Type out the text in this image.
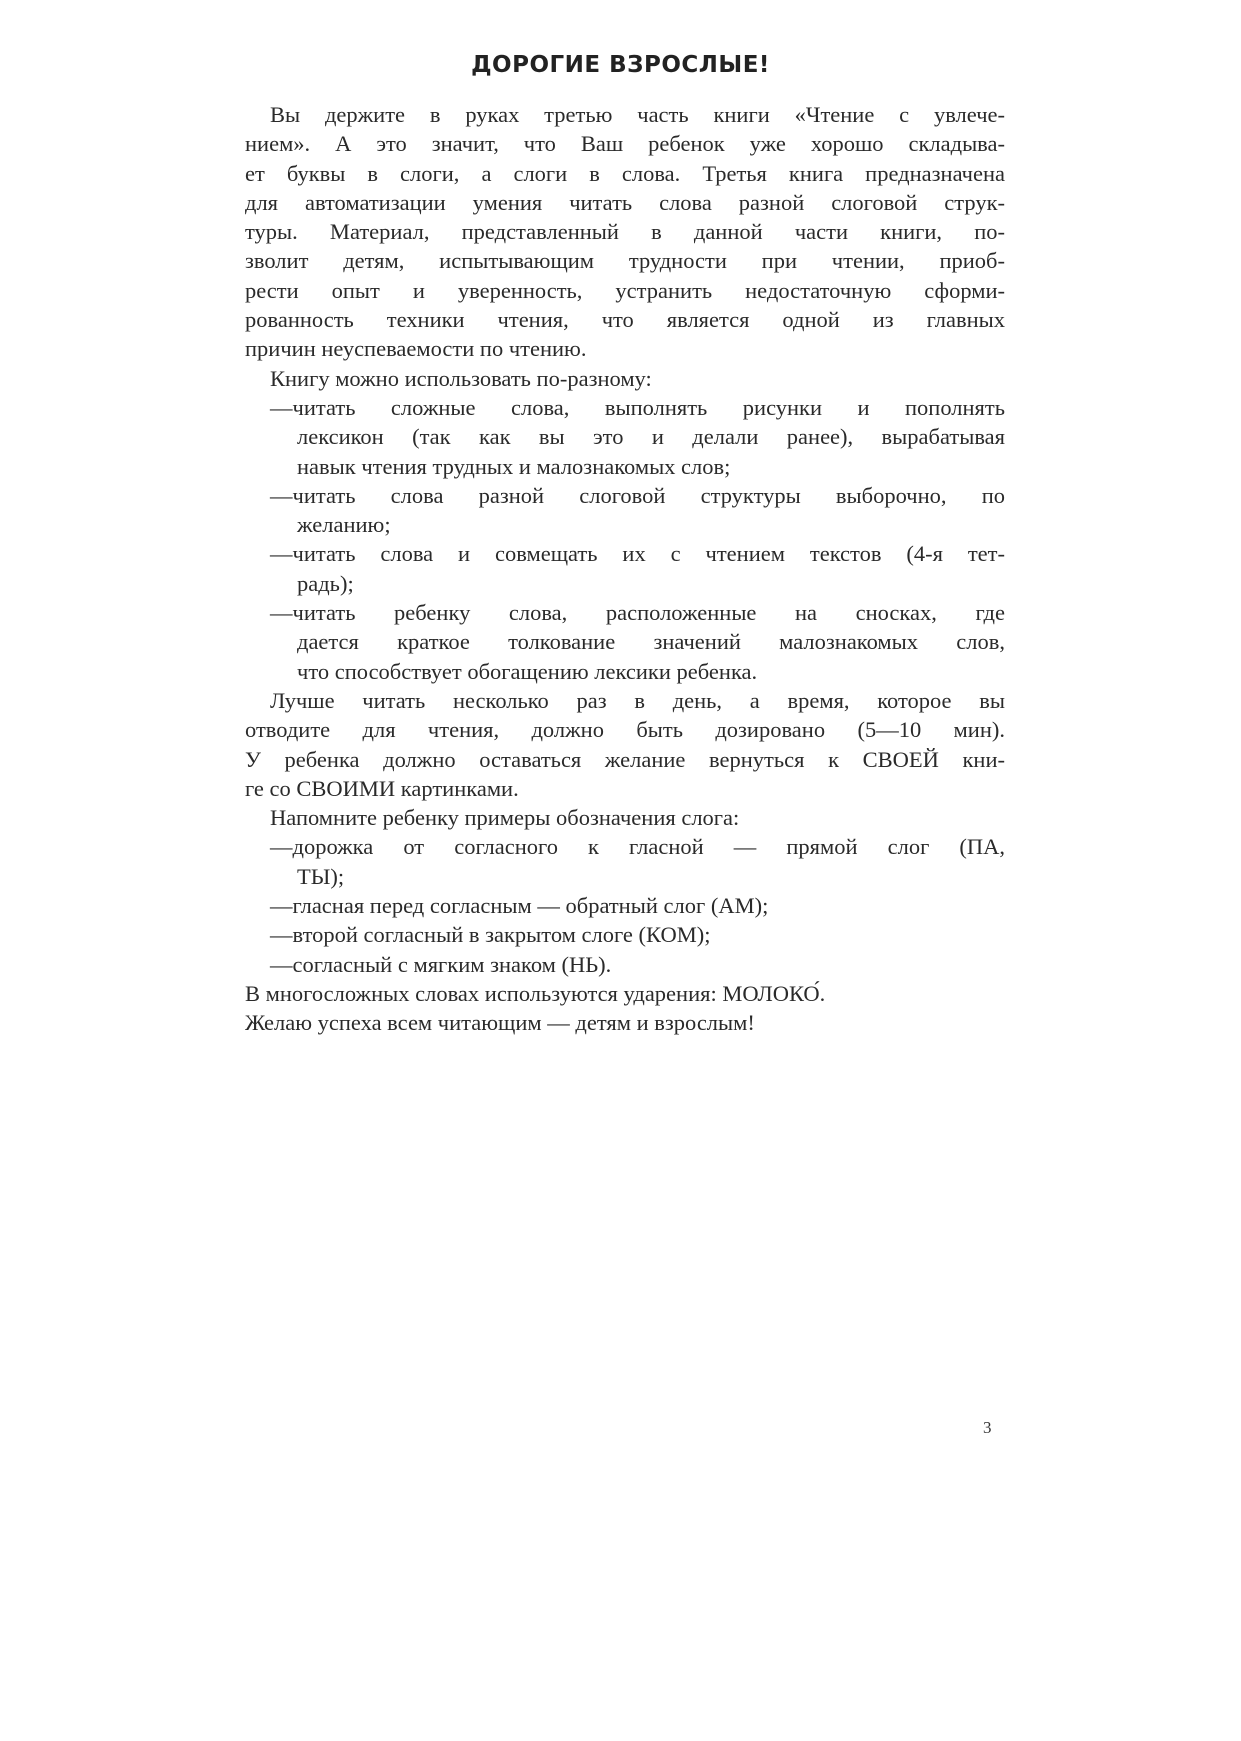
ДОРОГИЕ ВЗРОСЛЫЕ!
Вы держите в руках третью часть книги «Чтение с увлече-
нием». А это значит, что Ваш ребенок уже хорошо складыва-
ет буквы в слоги, а слоги в слова. Третья книга предназначена
для автоматизации умения читать слова разной слоговой струк-
туры. Материал, представленный в данной части книги, по-
зволит детям, испытывающим трудности при чтении, приоб-
рести опыт и уверенность, устранить недостаточную сформи-
рованность техники чтения, что является одной из главных
причин неуспеваемости по чтению.
Книгу можно использовать по-разному:
—читать сложные слова, выполнять рисунки и пополнять
лексикон (так как вы это и делали ранее), вырабатывая
навык чтения трудных и малознакомых слов;
—читать слова разной слоговой структуры выборочно, по
желанию;
—читать слова и совмещать их с чтением текстов (4-я тет-
радь);
—читать ребенку слова, расположенные на сносках, где
дается краткое толкование значений малознакомых слов,
что способствует обогащению лексики ребенка.
Лучше читать несколько раз в день, а время, которое вы
отводите для чтения, должно быть дозировано (5—10 мин).
У ребенка должно оставаться желание вернуться к СВОЕЙ кни-
ге со СВОИМИ картинками.
Напомните ребенку примеры обозначения слога:
—дорожка от согласного к гласной — прямой слог (ПА,
ТЫ);
—гласная перед согласным — обратный слог (АМ);
—второй согласный в закрытом слоге (КОМ);
—согласный с мягким знаком (НЬ).
В многосложных словах используются ударения: МОЛОКО́.
Желаю успеха всем читающим — детям и взрослым!
3
